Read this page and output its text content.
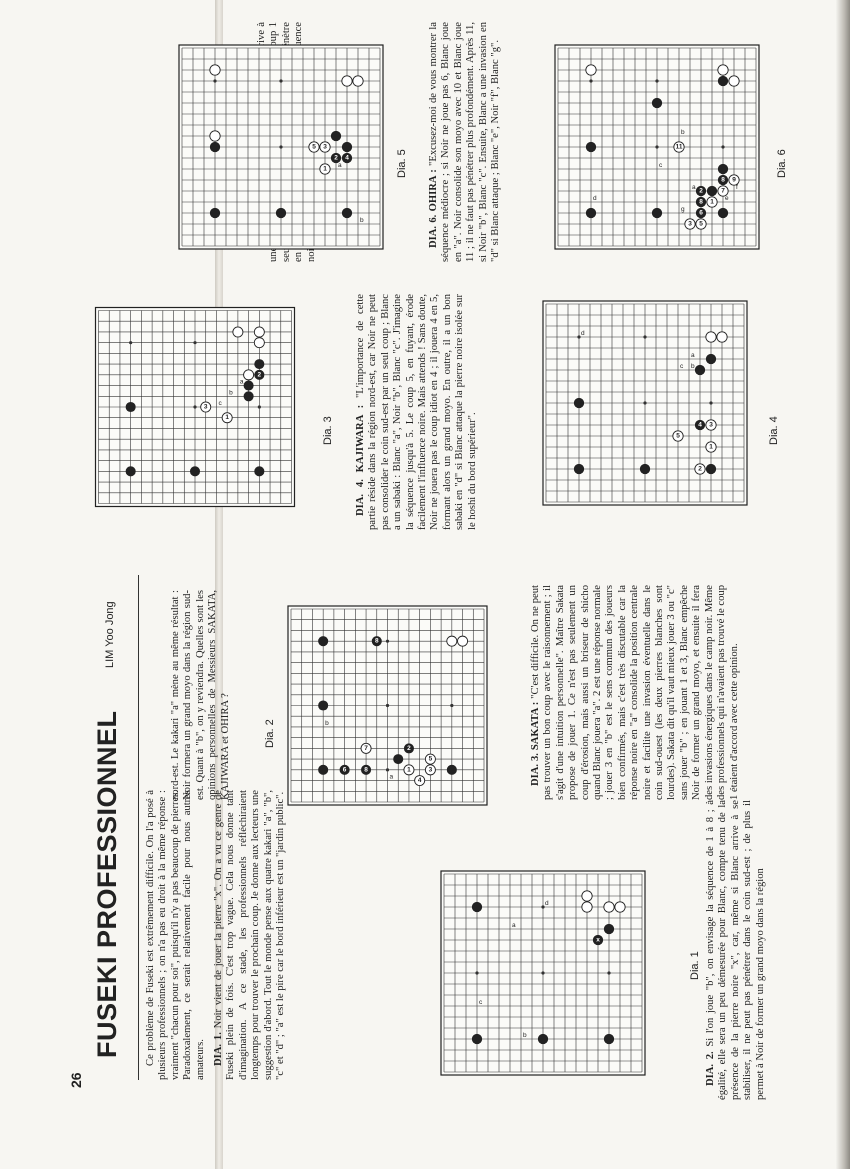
26
FUSEKI PROFESSIONNEL
LIM Yoo Jong

Ce problème de Fuseki est extrêmement difficile. On l'a posé à plusieurs professionnels ; on n'a pas eu droit à la même réponse : vraiment "chacun pour soi", puisqu'il n'y a pas beaucoup de pierres. Paradoxalement, ce serait relativement facile pour nous autres amateurs. DIA. 1. Noir vient de jouer la pierre "x". On a vu ce genre de Fuseki plein de fois. C'est trop vague. Cela nous donne tant d'imagination. A ce stade, les professionnels réfléchiraient longtemps pour trouver le prochain coup. Je donne aux lecteurs une suggestion d'abord. Tout le monde pense aux quatre kakari "a", "b", "c" et "d" ; "a" est le pire car le bord inférieur est un "jardin public".	x
a
b
c
d
Dia. 1

DIA. 2. Si l'on joue "b", on envisage la séquence de 1 à 8 ; à égalité, elle sera un peu démesurée pour Blanc, compte tenu de la présence de la pierre noire "x", car, même si Blanc arrive à se stabiliser, il ne peut pas pénétrer dans le coin sud-est ; de plus il permet à Noir de former un grand moyo dans la région

nord-est. Le kakari "a" mène au même résultat : Noir formera un grand moyo dans la région sud-est. Quant à "b", on y reviendra. Quelles sont les opinions personnelles de Messieurs SAKATA, KAJIWARA et OHIRA ?	Dia. 2
8
2
6	8	1
7
3
5
4
a
b	DIA. 3. SAKATA : "C'est difficile. On ne peut pas trouver un bon coup avec le raisonnement ; il s'agit d'une intuition personnelle". Maître Sakata propose de jouer 1. Ce n'est pas seulement un coup d'érosion, mais aussi un briseur de shicho quand Blanc jouera "a". 2 est une réponse normale ; jouer 3 en "b" est le sens commun des joueurs bien confirmés, mais c'est très discutable car la réponse noire en "a" consolide la position centrale noire et facilite une invasion éventuelle dans le coin sud-ouest (les deux pierres blanches sont lourdes). Sakata dit qu'il vaut mieux jouer 3 ou "c" sans jouer "b" ; en jouant 1 et 3, Blanc empêche Noir de former un grand moyo, et ensuite il fera des invasions énergiques dans le camp noir. Même des professionnels qui n'avaient pas trouvé le coup 1 étaient d'accord avec cette opinion.

2
1
3
a
b
c
Dia. 3 DIA. 4. KAJIWARA : "L'importance de cette partie réside dans la région nord-est, car Noir ne peut pas consolider le coin sud-est par un seul coup ; Blanc a un sabaki : Blanc "a", Noir "b", Blanc "c". J'imagine la séquence jusqu'à 5. Le coup 5, en fuyant, érode facilement l'influence noire. Mais attends ! Sans doute, Noir ne jouera pas le coup idiot en 4 ; il jouera 4 en 5, formant alors un grand moyo. En outre, il a un bon sabaki en "d" si Blanc attaque la pierre noire isolée sur le hoshi du bord supérieur".	4
1
3
2
5
a
b
c
d
Dia. 4

2 4
1
3
5
a
b
Dia. 5

DIA. 6. OHIRA : "Excusez-moi de vous montrer la séquence médiocre ; si Noir ne joue pas 6, Blanc joue en "a". Noir consolide son moyo avec 10 et Blanc joue 11 ; il ne faut pas pénétrer plus profondément. Après 11, si Noir "b", Blanc "c". Ensuite, Blanc a une invasion en "d" si Blanc attaque ; Blanc "e", Noir "f", Blanc "g".	6
8
8
2
5
3
1
7
9
11
a
b
c
d	e
f
g
Dia. 6
